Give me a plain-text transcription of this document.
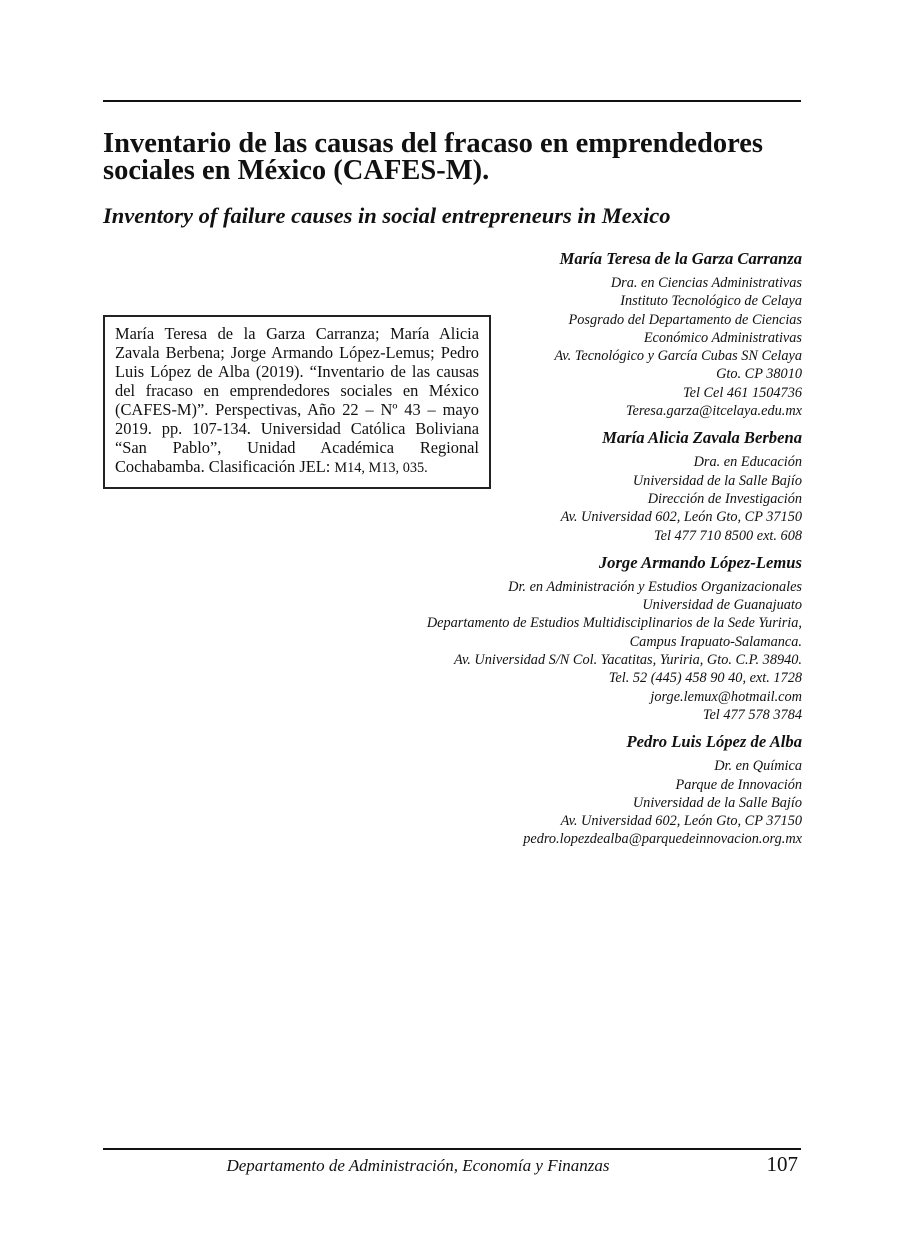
Inventario de las causas del fracaso en emprendedores sociales en México (CAFES-M).
Inventory of failure causes in social entrepreneurs in Mexico
María Teresa de la Garza Carranza; María Alicia Zavala Berbena; Jorge Armando López-Lemus; Pedro Luis López de Alba (2019). “Inventario de las causas del fracaso en emprendedores sociales en México (CAFES-M)”. Perspectivas, Año 22 – Nº 43 – mayo 2019. pp. 107-134. Universidad Católica Boliviana “San Pablo”, Unidad Académica Regional Cochabamba. Clasificación JEL: M14, M13, 035.
María Teresa de la Garza Carranza
Dra. en Ciencias Administrativas
Instituto Tecnológico de Celaya
Posgrado del Departamento de Ciencias
Económico Administrativas
Av. Tecnológico y García Cubas SN Celaya
Gto. CP 38010
Tel Cel 461 1504736
Teresa.garza@itcelaya.edu.mx
María Alicia Zavala Berbena
Dra. en Educación
Universidad de la Salle Bajío
Dirección de Investigación
Av. Universidad 602, León Gto, CP 37150
Tel 477 710 8500 ext. 608
Jorge Armando López-Lemus
Dr. en Administración y Estudios Organizacionales
Universidad de Guanajuato
Departamento de Estudios Multidisciplinarios de la Sede Yuriria,
Campus Irapuato-Salamanca.
Av. Universidad S/N Col. Yacatitas, Yuriria, Gto. C.P. 38940.
Tel. 52 (445) 458 90 40, ext. 1728
jorge.lemux@hotmail.com
Tel 477 578 3784
Pedro Luis López de Alba
Dr. en Química
Parque de Innovación
Universidad de la Salle Bajío
Av. Universidad 602, León Gto, CP 37150
pedro.lopezdealba@parquedeinnovacion.org.mx
Departamento de Administración, Economía y Finanzas	107
